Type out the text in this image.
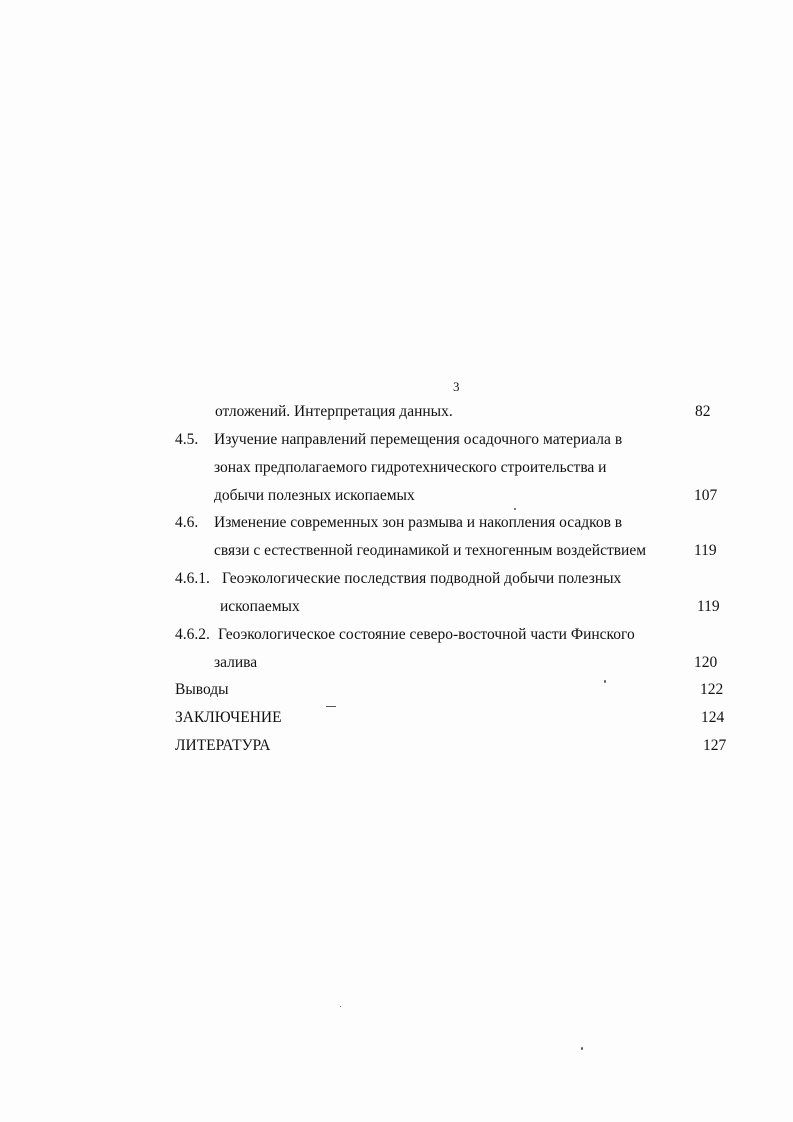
3
отложений. Интерпретация данных.	82
4.5. Изучение направлений перемещения осадочного материала в
зонах предполагаемого гидротехнического строительства и
добычи полезных ископаемых	107
4.6. Изменение современных зон размыва и накопления осадков в
связи с естественной геодинамикой и техногенным воздействием	119
4.6.1. Геоэкологические последствия подводной добычи полезных
ископаемых	119
4.6.2. Геоэкологическое состояние северо-восточной части Финского
залива	120
Выводы	122
ЗАКЛЮЧЕНИЕ	124
ЛИТЕРАТУРА	127
